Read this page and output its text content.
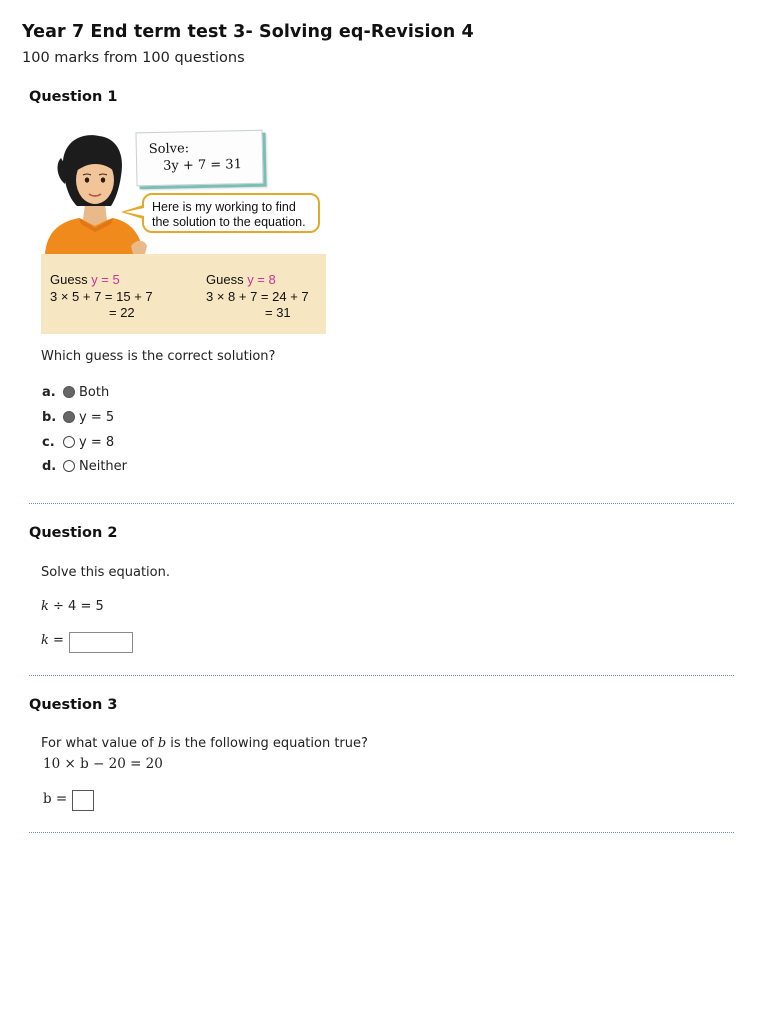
Year 7 End term test 3- Solving eq-Revision 4
100 marks from 100 questions
Question 1
Solve:
3y + 7 = 31
Here is my working to find
the solution to the equation.
Guess y = 5
3 × 5 + 7 = 15 + 7
= 22
Guess y = 8
3 × 8 + 7 = 24 + 7
= 31
Which guess is the correct solution?
a.	Both
b. y = 5
c.	y = 8
d. Neither
Question 2
Solve this equation.
k ÷ 4 = 5
k =
Question 3
For what value of b is the following equation true?
10 × b − 20 = 20
b =
